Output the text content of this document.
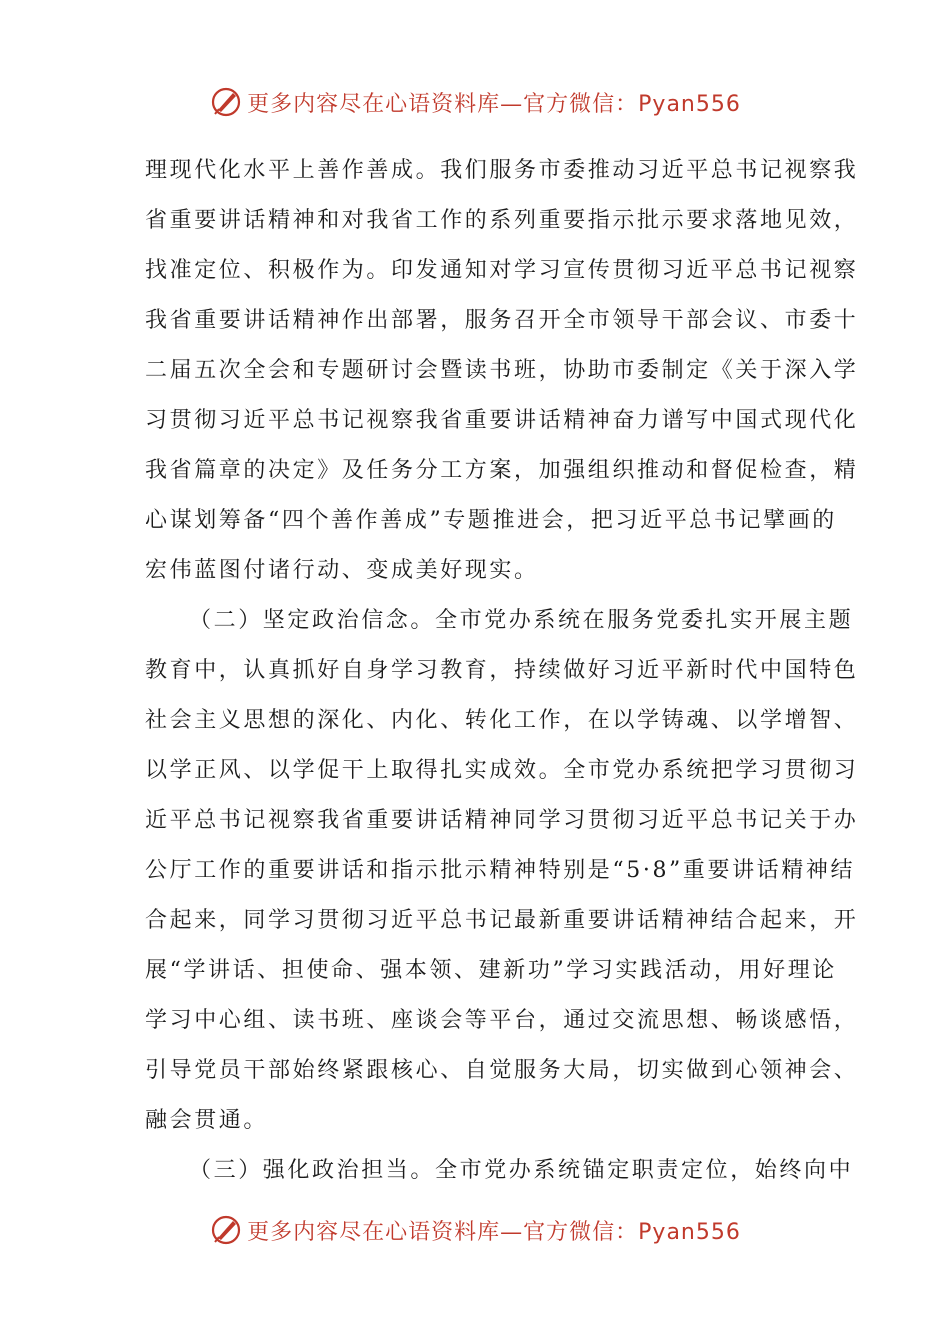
更多内容尽在心语资料库—官方微信：Pyan556
理现代化水平上善作善成。我们服务市委推动习近平总书记视察我
省重要讲话精神和对我省工作的系列重要指示批示要求落地见效，
找准定位、积极作为。印发通知对学习宣传贯彻习近平总书记视察
我省重要讲话精神作出部署，服务召开全市领导干部会议、市委十
二届五次全会和专题研讨会暨读书班，协助市委制定《关于深入学
习贯彻习近平总书记视察我省重要讲话精神奋力谱写中国式现代化
我省篇章的决定》及任务分工方案，加强组织推动和督促检查，精
心谋划筹备“四个善作善成”专题推进会，把习近平总书记擘画的
宏伟蓝图付诸行动、变成美好现实。
（二）坚定政治信念。全市党办系统在服务党委扎实开展主题
教育中，认真抓好自身学习教育，持续做好习近平新时代中国特色
社会主义思想的深化、内化、转化工作，在以学铸魂、以学增智、
以学正风、以学促干上取得扎实成效。全市党办系统把学习贯彻习
近平总书记视察我省重要讲话精神同学习贯彻习近平总书记关于办
公厅工作的重要讲话和指示批示精神特别是“5·8”重要讲话精神结
合起来，同学习贯彻习近平总书记最新重要讲话精神结合起来，开
展“学讲话、担使命、强本领、建新功”学习实践活动，用好理论
学习中心组、读书班、座谈会等平台，通过交流思想、畅谈感悟，
引导党员干部始终紧跟核心、自觉服务大局，切实做到心领神会、
融会贯通。
（三）强化政治担当。全市党办系统锚定职责定位，始终向中
更多内容尽在心语资料库—官方微信：Pyan556
